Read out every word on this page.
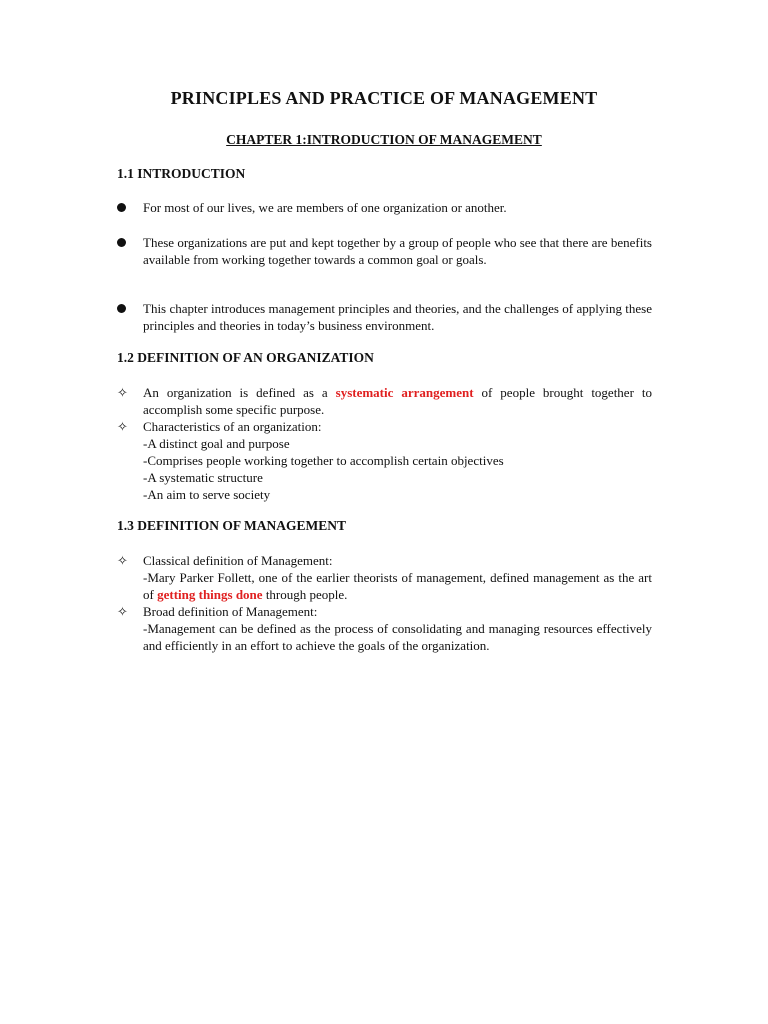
PRINCIPLES AND PRACTICE OF MANAGEMENT
CHAPTER 1:INTRODUCTION OF MANAGEMENT
1.1 INTRODUCTION

For most of our lives, we are members of one organization or another.

These organizations are put and kept together by a group of people who see that there are benefits available from working together towards a common goal or goals.

This chapter introduces management principles and theories, and the challenges of applying these principles and theories in today’s business environment.

1.2 DEFINITION OF AN ORGANIZATION
✧	An organization is defined as a systematic arrangement of people brought together to accomplish some specific purpose.

✧	Characteristics of an organization:

-A distinct goal and purpose

-Comprises people working together to accomplish certain objectives

-A systematic structure

-An aim to serve society

1.3 DEFINITION OF MANAGEMENT
✧	Classical definition of Management:

-Mary Parker Follett, one of the earlier theorists of management, defined management as the art of getting things done through people.

✧	Broad definition of Management:

-Management can be defined as the process of consolidating and managing resources effectively and efficiently in an effort to achieve the goals of the organization.
